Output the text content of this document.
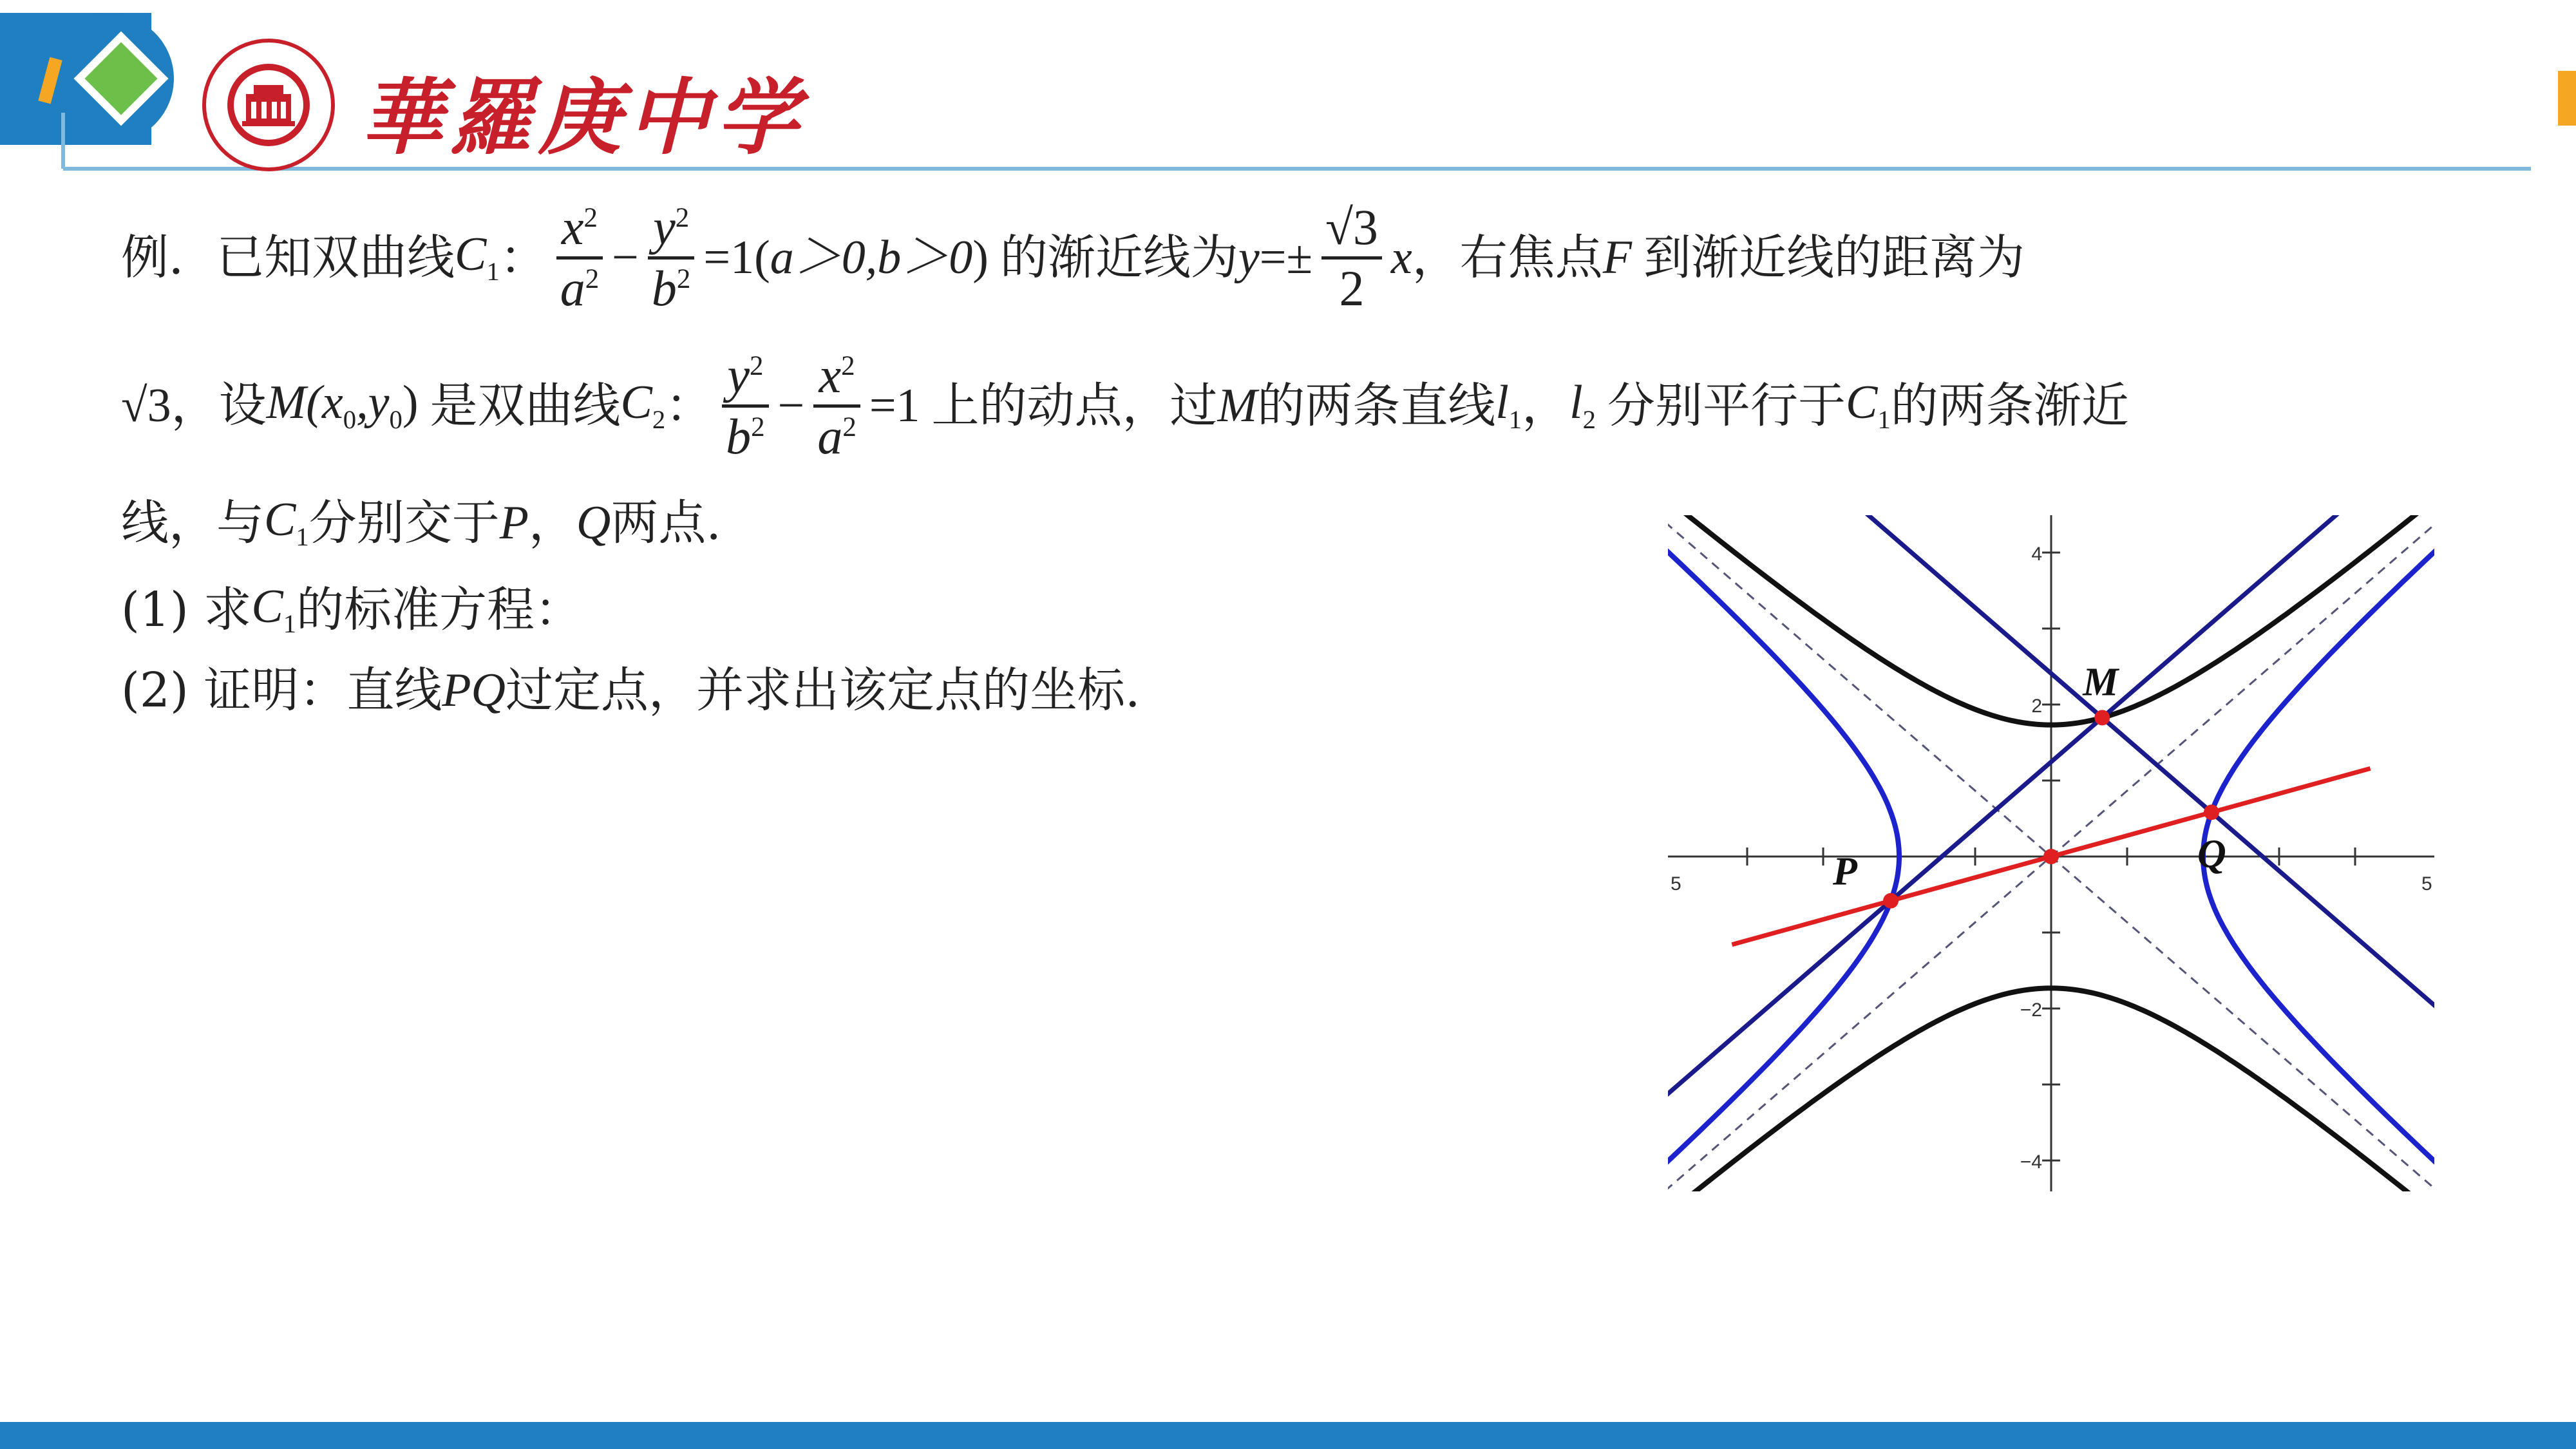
華羅庚中学
例．已知双曲线 $C_1$ ：
$x^2$
$a^2$ −
$y^2$
$b^2 =1$( a＞0,b＞0 ) 的渐近线为 y =±
√3
2
x ，右焦点 F 到渐近线的距离为
√3，设 $M(x_0,y_0)$ 是双曲线 $C_2$ ：
$y^2$
$b^2$ −
$x^2$
$a^2 =1$ 上的动点，过 M 的两条直线 $l_1$ ， $l_2$ 分别平行于 $C_1$ 的两条渐近
线，与 $C_1$ 分别交于 P ， Q 两点.
(1) 求 $C_1$ 的标准方程：
(2) 证明：直线 PQ 过定点，并求出该定点的坐标.	M
P	Q
4
2
−2
−4
5	5
